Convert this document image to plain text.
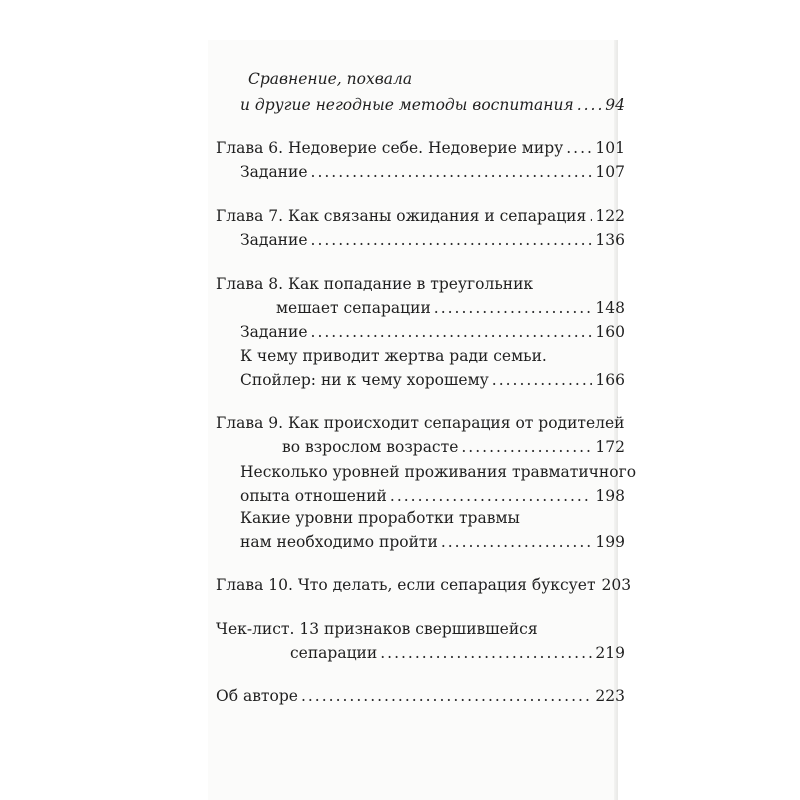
Сравнение, похвала
и другие негодные методы воспитания ..... 94
Глава 6. Недоверие себе. Недоверие миру ..... 101
Задание .....	107
Глава 7. Как связаны ожидания и сепарация ..... 122
Задание .....	136
Глава 8. Как попадание в треугольник
мешает сепарации .....	148
Задание .....	160
К чему приводит жертва ради семьи.
Спойлер: ни к чему хорошему .....	166
Глава 9. Как происходит сепарация от родителей
во взрослом возрасте .....	172
Несколько уровней проживания травматичного
опыта отношений .....	198
Какие уровни проработки травмы
нам необходимо пройти .....	199
Глава 10. Что делать, если сепарация буксует 203
Чек-лист. 13 признаков свершившейся
сепарации .....	219
Об авторе .....	223
